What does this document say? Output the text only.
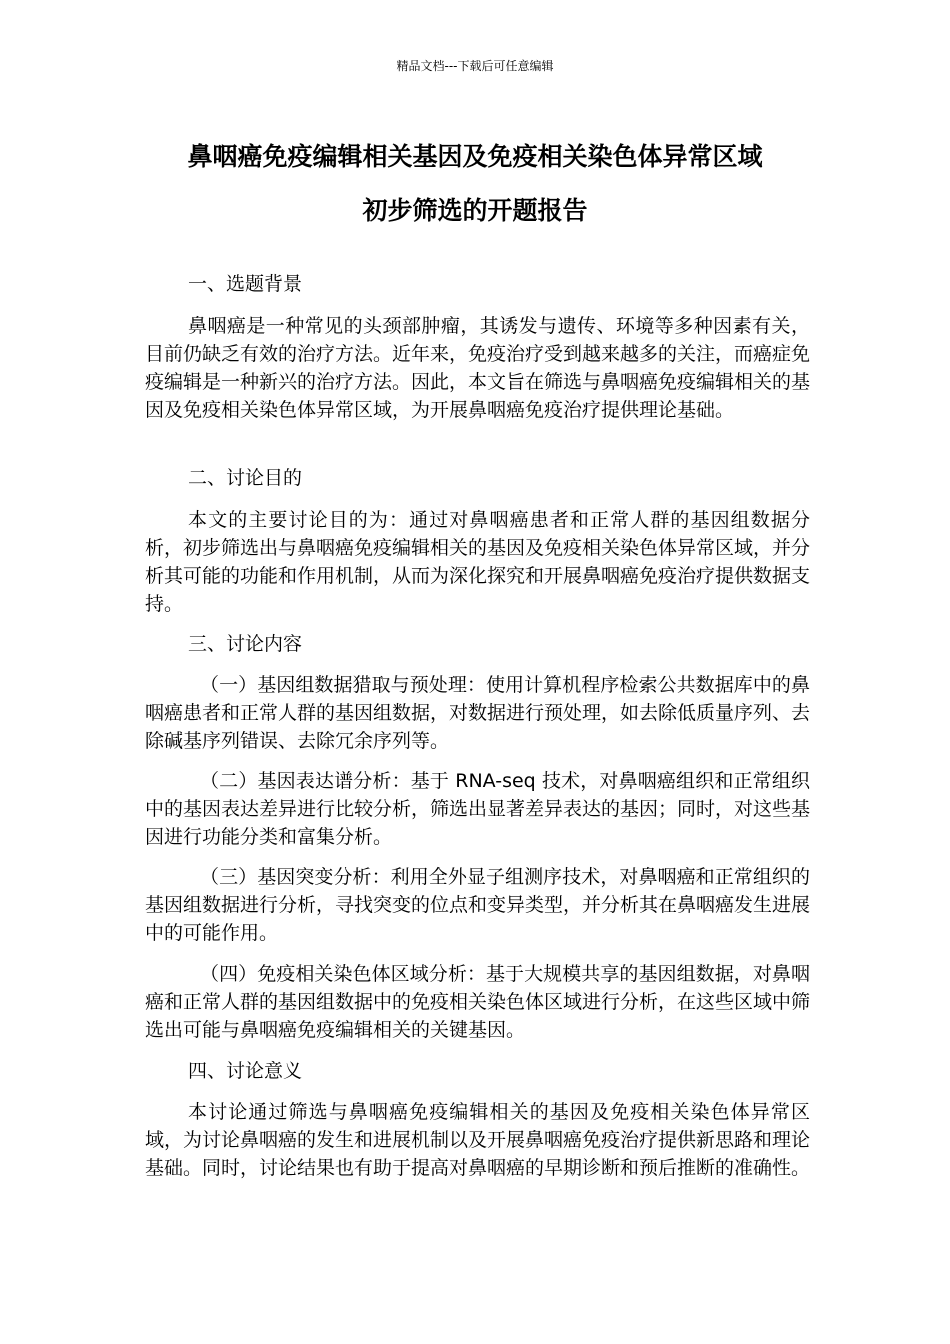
精品文档---下载后可任意编辑
鼻咽癌免疫编辑相关基因及免疫相关染色体异常区域
初步筛选的开题报告
一、选题背景
鼻咽癌是一种常见的头颈部肿瘤，其诱发与遗传、环境等多种因素有关，目前仍缺乏有效的治疗方法。近年来，免疫治疗受到越来越多的关注，而癌症免疫编辑是一种新兴的治疗方法。因此，本文旨在筛选与鼻咽癌免疫编辑相关的基因及免疫相关染色体异常区域，为开展鼻咽癌免疫治疗提供理论基础。
二、讨论目的
本文的主要讨论目的为：通过对鼻咽癌患者和正常人群的基因组数据分析，初步筛选出与鼻咽癌免疫编辑相关的基因及免疫相关染色体异常区域，并分析其可能的功能和作用机制，从而为深化探究和开展鼻咽癌免疫治疗提供数据支持。
三、讨论内容
（一）基因组数据猎取与预处理：使用计算机程序检索公共数据库中的鼻咽癌患者和正常人群的基因组数据，对数据进行预处理，如去除低质量序列、去除碱基序列错误、去除冗余序列等。
（二）基因表达谱分析：基于 RNA-seq 技术，对鼻咽癌组织和正常组织中的基因表达差异进行比较分析，筛选出显著差异表达的基因；同时，对这些基因进行功能分类和富集分析。
（三）基因突变分析：利用全外显子组测序技术，对鼻咽癌和正常组织的基因组数据进行分析，寻找突变的位点和变异类型，并分析其在鼻咽癌发生进展中的可能作用。
（四）免疫相关染色体区域分析：基于大规模共享的基因组数据，对鼻咽癌和正常人群的基因组数据中的免疫相关染色体区域进行分析，在这些区域中筛选出可能与鼻咽癌免疫编辑相关的关键基因。
四、讨论意义
本讨论通过筛选与鼻咽癌免疫编辑相关的基因及免疫相关染色体异常区域，为讨论鼻咽癌的发生和进展机制以及开展鼻咽癌免疫治疗提供新思路和理论基础。同时，讨论结果也有助于提高对鼻咽癌的早期诊断和预后推断的准确性。
